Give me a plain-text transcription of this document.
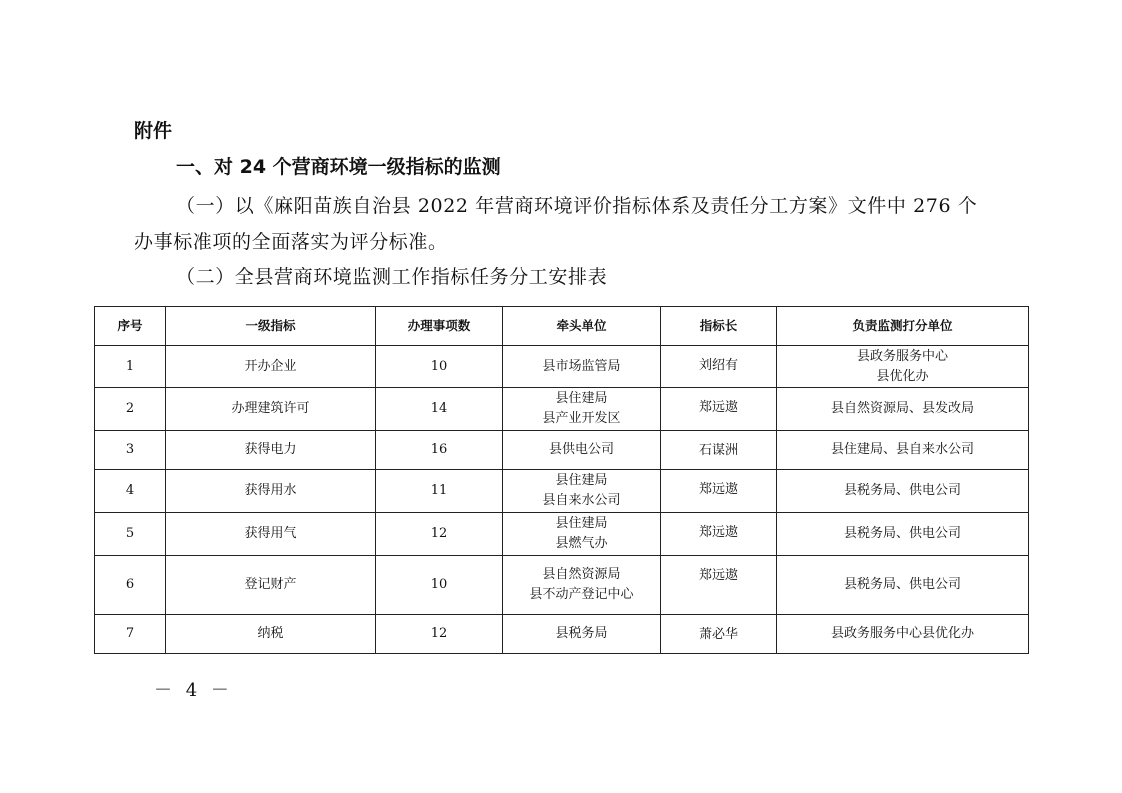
附件
一、对 24 个营商环境一级指标的监测
（一）以《麻阳苗族自治县 2022 年营商环境评价指标体系及责任分工方案》文件中 276 个办事标准项的全面落实为评分标准。
（二）全县营商环境监测工作指标任务分工安排表
序号	一级指标	办理事项数	牵头单位	指标长	负责监测打分单位
1	开办企业	10	县市场监管局	刘绍有	县政务服务中心
县优化办

2	办理建筑许可	14	县住建局
县产业开发区	郑远遨	县自然资源局、县发改局

3	获得电力	16	县供电公司	石谋洲	县住建局、县自来水公司

4	获得用水	11	县住建局
县自来水公司	郑远遨	县税务局、供电公司

5	获得用气	12	县住建局
县燃气办	郑远遨	县税务局、供电公司

6	登记财产	10	县自然资源局
县不动产登记中心	郑远遨	县税务局、供电公司

7	纳税	12	县税务局	萧必华	县政务服务中心县优化办
－ 4 －
